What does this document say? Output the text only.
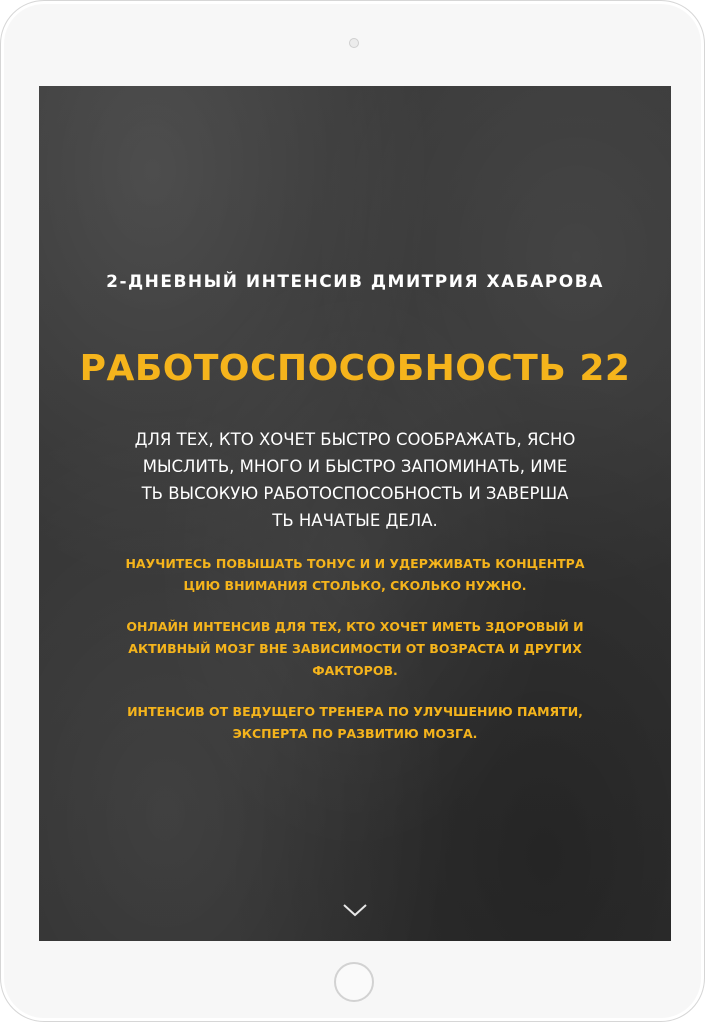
2-ДНЕВНЫЙ ИНТЕНСИВ ДМИТРИЯ ХАБАРОВА
РАБОТОСПОСОБНОСТЬ 22

ДЛЯ ТЕХ, КТО ХОЧЕТ БЫСТРО СООБРАЖАТЬ, ЯСНО
МЫСЛИТЬ, МНОГО И БЫСТРО ЗАПОМИНАТЬ, ИМЕ
ТЬ ВЫСОКУЮ РАБОТОСПОСОБНОСТЬ И ЗАВЕРША
ТЬ НАЧАТЫЕ ДЕЛА.

НАУЧИТЕСЬ ПОВЫШАТЬ ТОНУС И И УДЕРЖИВАТЬ КОНЦЕНТРА
ЦИЮ ВНИМАНИЯ СТОЛЬКО, СКОЛЬКО НУЖНО.

ОНЛАЙН ИНТЕНСИВ ДЛЯ ТЕХ, КТО ХОЧЕТ ИМЕТЬ ЗДОРОВЫЙ И
АКТИВНЫЙ МОЗГ ВНЕ ЗАВИСИМОСТИ ОТ ВОЗРАСТА И ДРУГИХ
ФАКТОРОВ.

ИНТЕНСИВ ОТ ВЕДУЩЕГО ТРЕНЕРА ПО УЛУЧШЕНИЮ ПАМЯТИ,
ЭКСПЕРТА ПО РАЗВИТИЮ МОЗГА.
